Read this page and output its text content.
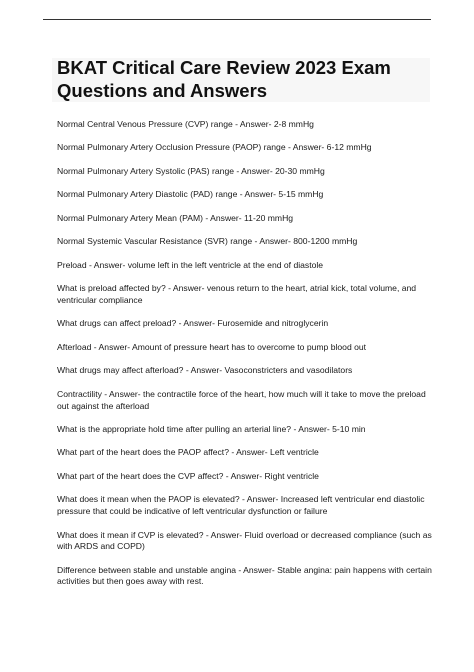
BKAT Critical Care Review 2023 Exam Questions and Answers
Normal Central Venous Pressure (CVP) range - Answer- 2-8 mmHg
Normal Pulmonary Artery Occlusion Pressure (PAOP) range - Answer- 6-12 mmHg
Normal Pulmonary Artery Systolic (PAS) range - Answer- 20-30 mmHg
Normal Pulmonary Artery Diastolic (PAD) range - Answer- 5-15 mmHg
Normal Pulmonary Artery Mean (PAM) - Answer- 11-20 mmHg
Normal Systemic Vascular Resistance (SVR) range - Answer- 800-1200 mmHg
Preload - Answer- volume left in the left ventricle at the end of diastole
What is preload affected by? - Answer- venous return to the heart, atrial kick, total volume, and ventricular compliance
What drugs can affect preload? - Answer- Furosemide and nitroglycerin
Afterload - Answer- Amount of pressure heart has to overcome to pump blood out
What drugs may affect afterload? - Answer- Vasoconstricters and vasodilators
Contractility - Answer- the contractile force of the heart, how much will it take to move the preload out against the afterload
What is the appropriate hold time after pulling an arterial line? - Answer- 5-10 min
What part of the heart does the PAOP affect? - Answer- Left ventricle
What part of the heart does the CVP affect? - Answer- Right ventricle
What does it mean when the PAOP is elevated? - Answer- Increased left ventricular end diastolic pressure that could be indicative of left ventricular dysfunction or failure
What does it mean if CVP is elevated? - Answer- Fluid overload or decreased compliance (such as with ARDS and COPD)
Difference between stable and unstable angina - Answer- Stable angina: pain happens with certain activities but then goes away with rest.
